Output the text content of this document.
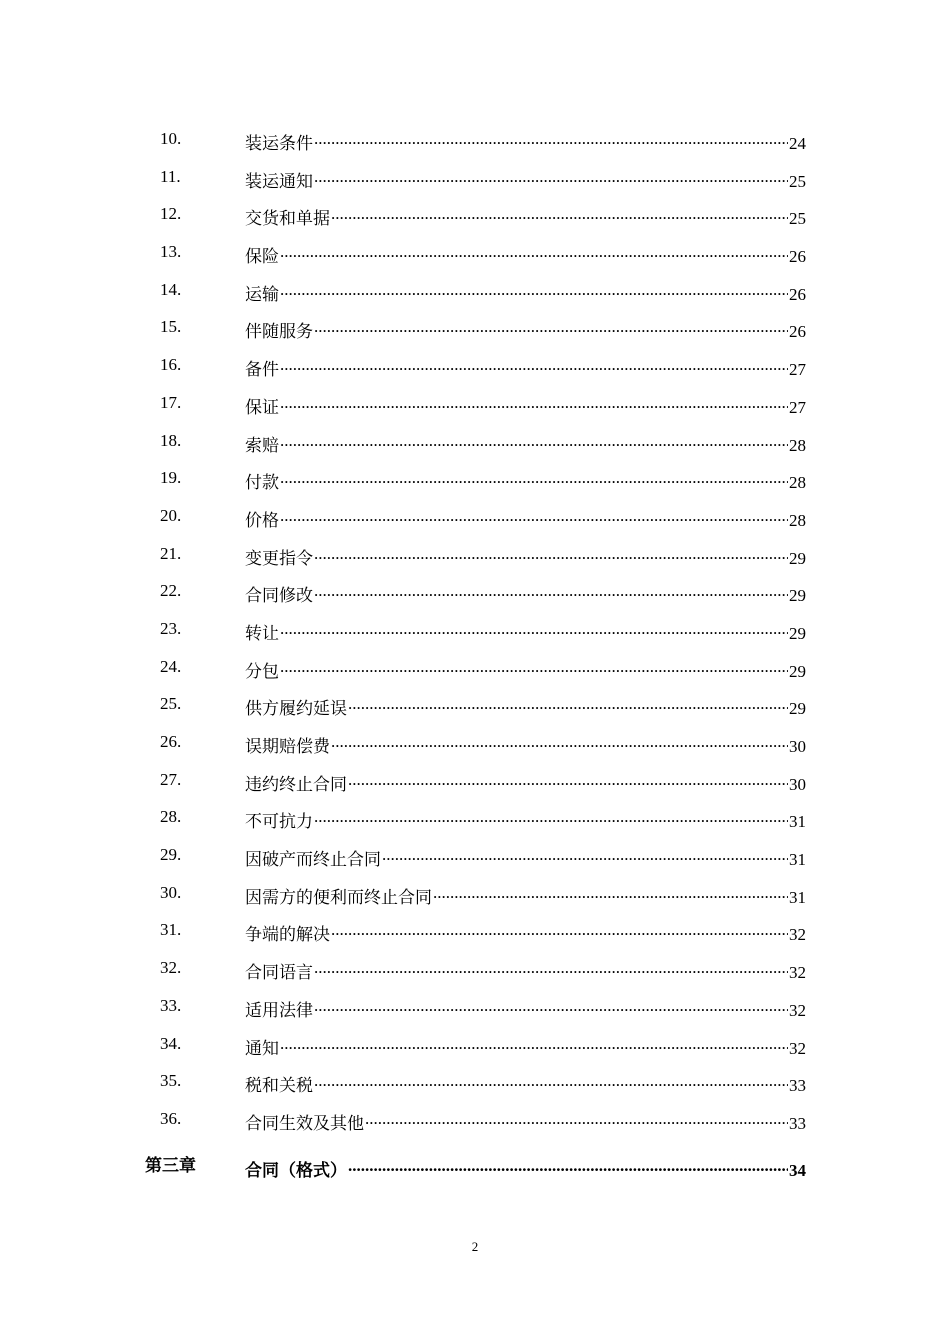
10.	装运条件 .....	24
11.	装运通知 .....	25
12.	交货和单据 .....	25
13.	保险 .....	26
14.	运输 .....	26
15.	伴随服务 .....	26
16.	备件 .....	27
17.	保证 .....	27
18.	索赔 .....	28
19.	付款 .....	28
20.	价格 .....	28
21.	变更指令 .....	29
22.	合同修改 .....	29
23.	转让 .....	29
24.	分包 .....	29
25.	供方履约延误 .....	29
26.	误期赔偿费 .....	30
27.	违约终止合同 .....	30
28.	不可抗力 .....	31
29.	因破产而终止合同 .....	31
30.	因需方的便利而终止合同 .....	31
31.	争端的解决 .....	32
32.	合同语言 .....	32
33.	适用法律 .....	32
34.	通知 .....	32
35.	税和关税 .....	33
36.	合同生效及其他 .....	33
第三章	合同（格式） .....	34
2
